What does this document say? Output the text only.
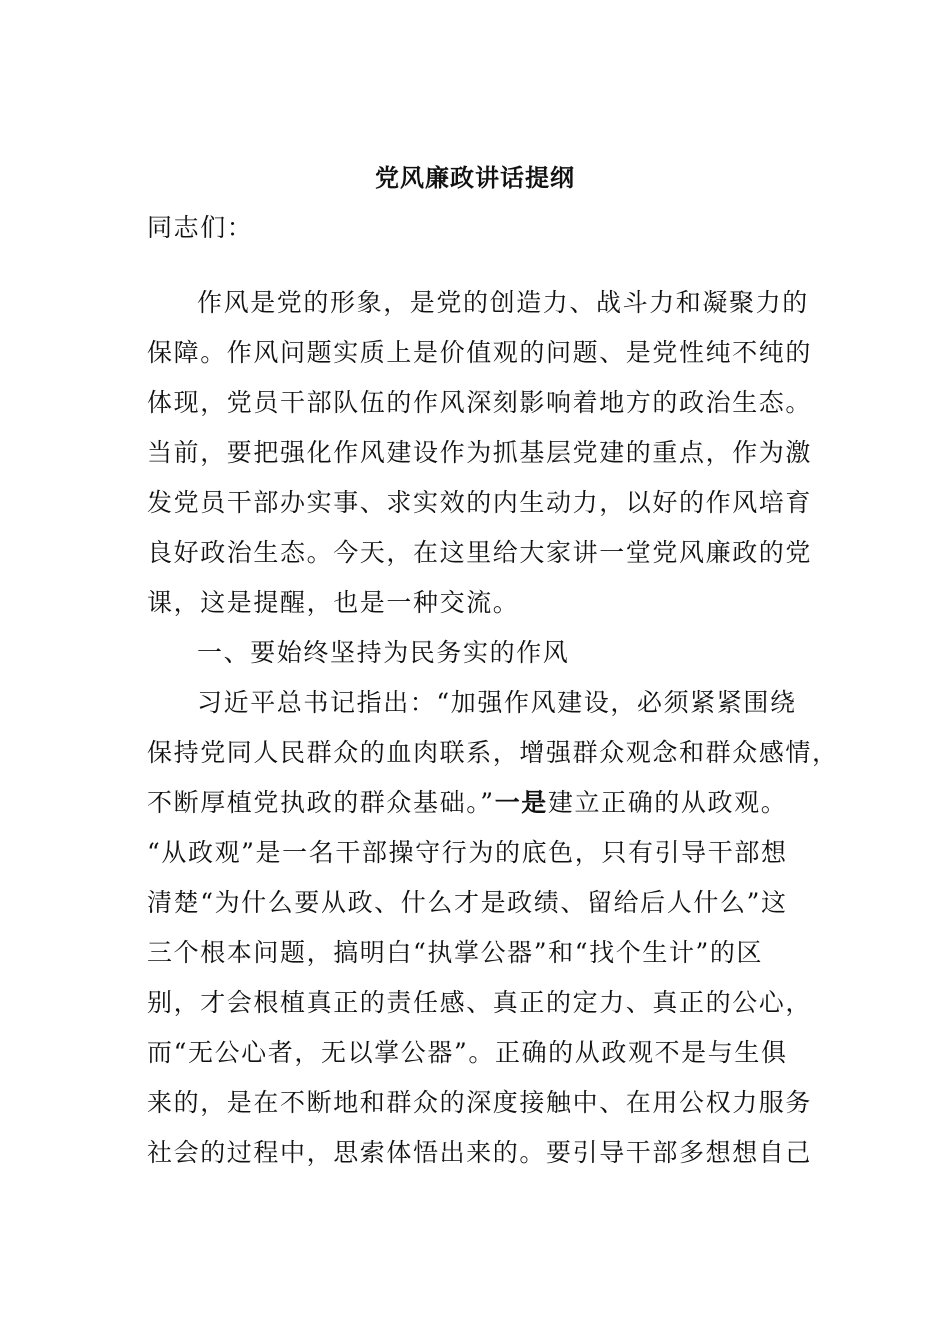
党风廉政讲话提纲
同志们：
作风是党的形象，是党的创造力、战斗力和凝聚力的
保障。作风问题实质上是价值观的问题、是党性纯不纯的
体现，党员干部队伍的作风深刻影响着地方的政治生态。
当前，要把强化作风建设作为抓基层党建的重点，作为激
发党员干部办实事、求实效的内生动力，以好的作风培育
良好政治生态。今天，在这里给大家讲一堂党风廉政的党
课，这是提醒，也是一种交流。
一、要始终坚持为民务实的作风
习近平总书记指出：“加强作风建设，必须紧紧围绕
保持党同人民群众的血肉联系，增强群众观念和群众感情，
不断厚植党执政的群众基础。”一是建立正确的从政观。
“从政观”是一名干部操守行为的底色，只有引导干部想
清楚“为什么要从政、什么才是政绩、留给后人什么”这
三个根本问题，搞明白“执掌公器”和“找个生计”的区
别，才会根植真正的责任感、真正的定力、真正的公心，
而“无公心者，无以掌公器”。正确的从政观不是与生俱
来的，是在不断地和群众的深度接触中、在用公权力服务
社会的过程中，思索体悟出来的。要引导干部多想想自己
